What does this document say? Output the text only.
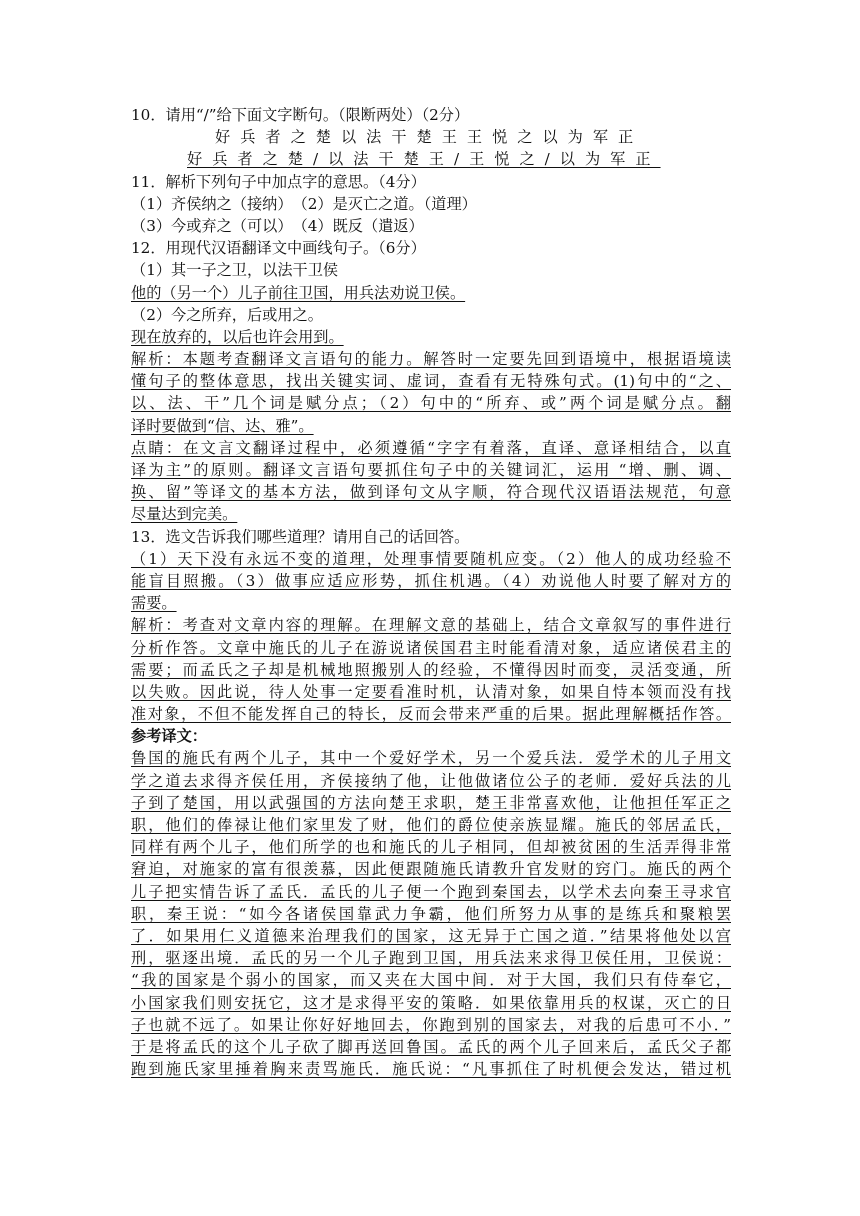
10．请用“/”给下面文字断句。（限断两处）（2分）
好兵者之楚以法干楚王王悦之以为军正
好兵者之楚/以法干楚王/王悦之/以为军正
11．解析下列句子中加点字的意思。（4分）
（1）齐侯纳之（接纳）　（2）是灭亡之道。（道理）
（3）今或弃之（可以）　（4）既反（遣返）
12．用现代汉语翻译文中画线句子。（6分）
（1）其一子之卫，以法干卫侯
他的（另一个）儿子前往卫国，用兵法劝说卫侯。
（2）今之所弃，后或用之。
现在放弃的，以后也许会用到。
解析：本题考查翻译文言语句的能力。解答时一定要先回到语境中，根据语境读
懂句子的整体意思，找出关键实词、虚词，查看有无特殊句式。(1)句中的“之、
以、法、干”几个词是赋分点；（2）句中的“所弃、或”两个词是赋分点。翻
译时要做到“信、达、雅”。
点睛：在文言文翻译过程中，必须遵循“字字有着落，直译、意译相结合，以直
译为主”的原则。翻译文言语句要抓住句子中的关键词汇，运用 “增、删、调、
换、留”等译文的基本方法，做到译句文从字顺，符合现代汉语语法规范，句意
尽量达到完美。
13．选文告诉我们哪些道理？请用自己的话回答。
（1）天下没有永远不变的道理，处理事情要随机应变。（2）他人的成功经验不
能盲目照搬。（3）做事应适应形势，抓住机遇。（4）劝说他人时要了解对方的
需要。
解析：考查对文章内容的理解。在理解文意的基础上，结合文章叙写的事件进行
分析作答。文章中施氏的儿子在游说诸侯国君主时能看清对象，适应诸侯君主的
需要；而孟氏之子却是机械地照搬别人的经验，不懂得因时而变，灵活变通，所
以失败。因此说，待人处事一定要看准时机，认清对象，如果自恃本领而没有找
准对象，不但不能发挥自己的特长，反而会带来严重的后果。据此理解概括作答。
参考译文：
鲁国的施氏有两个儿子，其中一个爱好学术，另一个爱兵法．爱学术的儿子用文
学之道去求得齐侯任用，齐侯接纳了他，让他做诸位公子的老师．爱好兵法的儿
子到了楚国，用以武强国的方法向楚王求职，楚王非常喜欢他，让他担任军正之
职，他们的俸禄让他们家里发了财，他们的爵位使亲族显耀。施氏的邻居孟氏，
同样有两个儿子，他们所学的也和施氏的儿子相同，但却被贫困的生活弄得非常
窘迫，对施家的富有很羡慕，因此便跟随施氏请教升官发财的窍门。施氏的两个
儿子把实情告诉了孟氏．孟氏的儿子便一个跑到秦国去，以学术去向秦王寻求官
职，秦王说：“如今各诸侯国靠武力争霸，他们所努力从事的是练兵和聚粮罢
了．如果用仁义道德来治理我们的国家，这无异于亡国之道．”结果将他处以宫
刑，驱逐出境．孟氏的另一个儿子跑到卫国，用兵法来求得卫侯任用，卫侯说：
“我的国家是个弱小的国家，而又夹在大国中间．对于大国，我们只有侍奉它，
小国家我们则安抚它，这才是求得平安的策略．如果依靠用兵的权谋，灭亡的日
子也就不远了。如果让你好好地回去，你跑到别的国家去，对我的后患可不小．”
于是将孟氏的这个儿子砍了脚再送回鲁国。孟氏的两个儿子回来后，孟氏父子都
跑到施氏家里捶着胸来责骂施氏．施氏说：“凡事抓住了时机便会发达，错过机
